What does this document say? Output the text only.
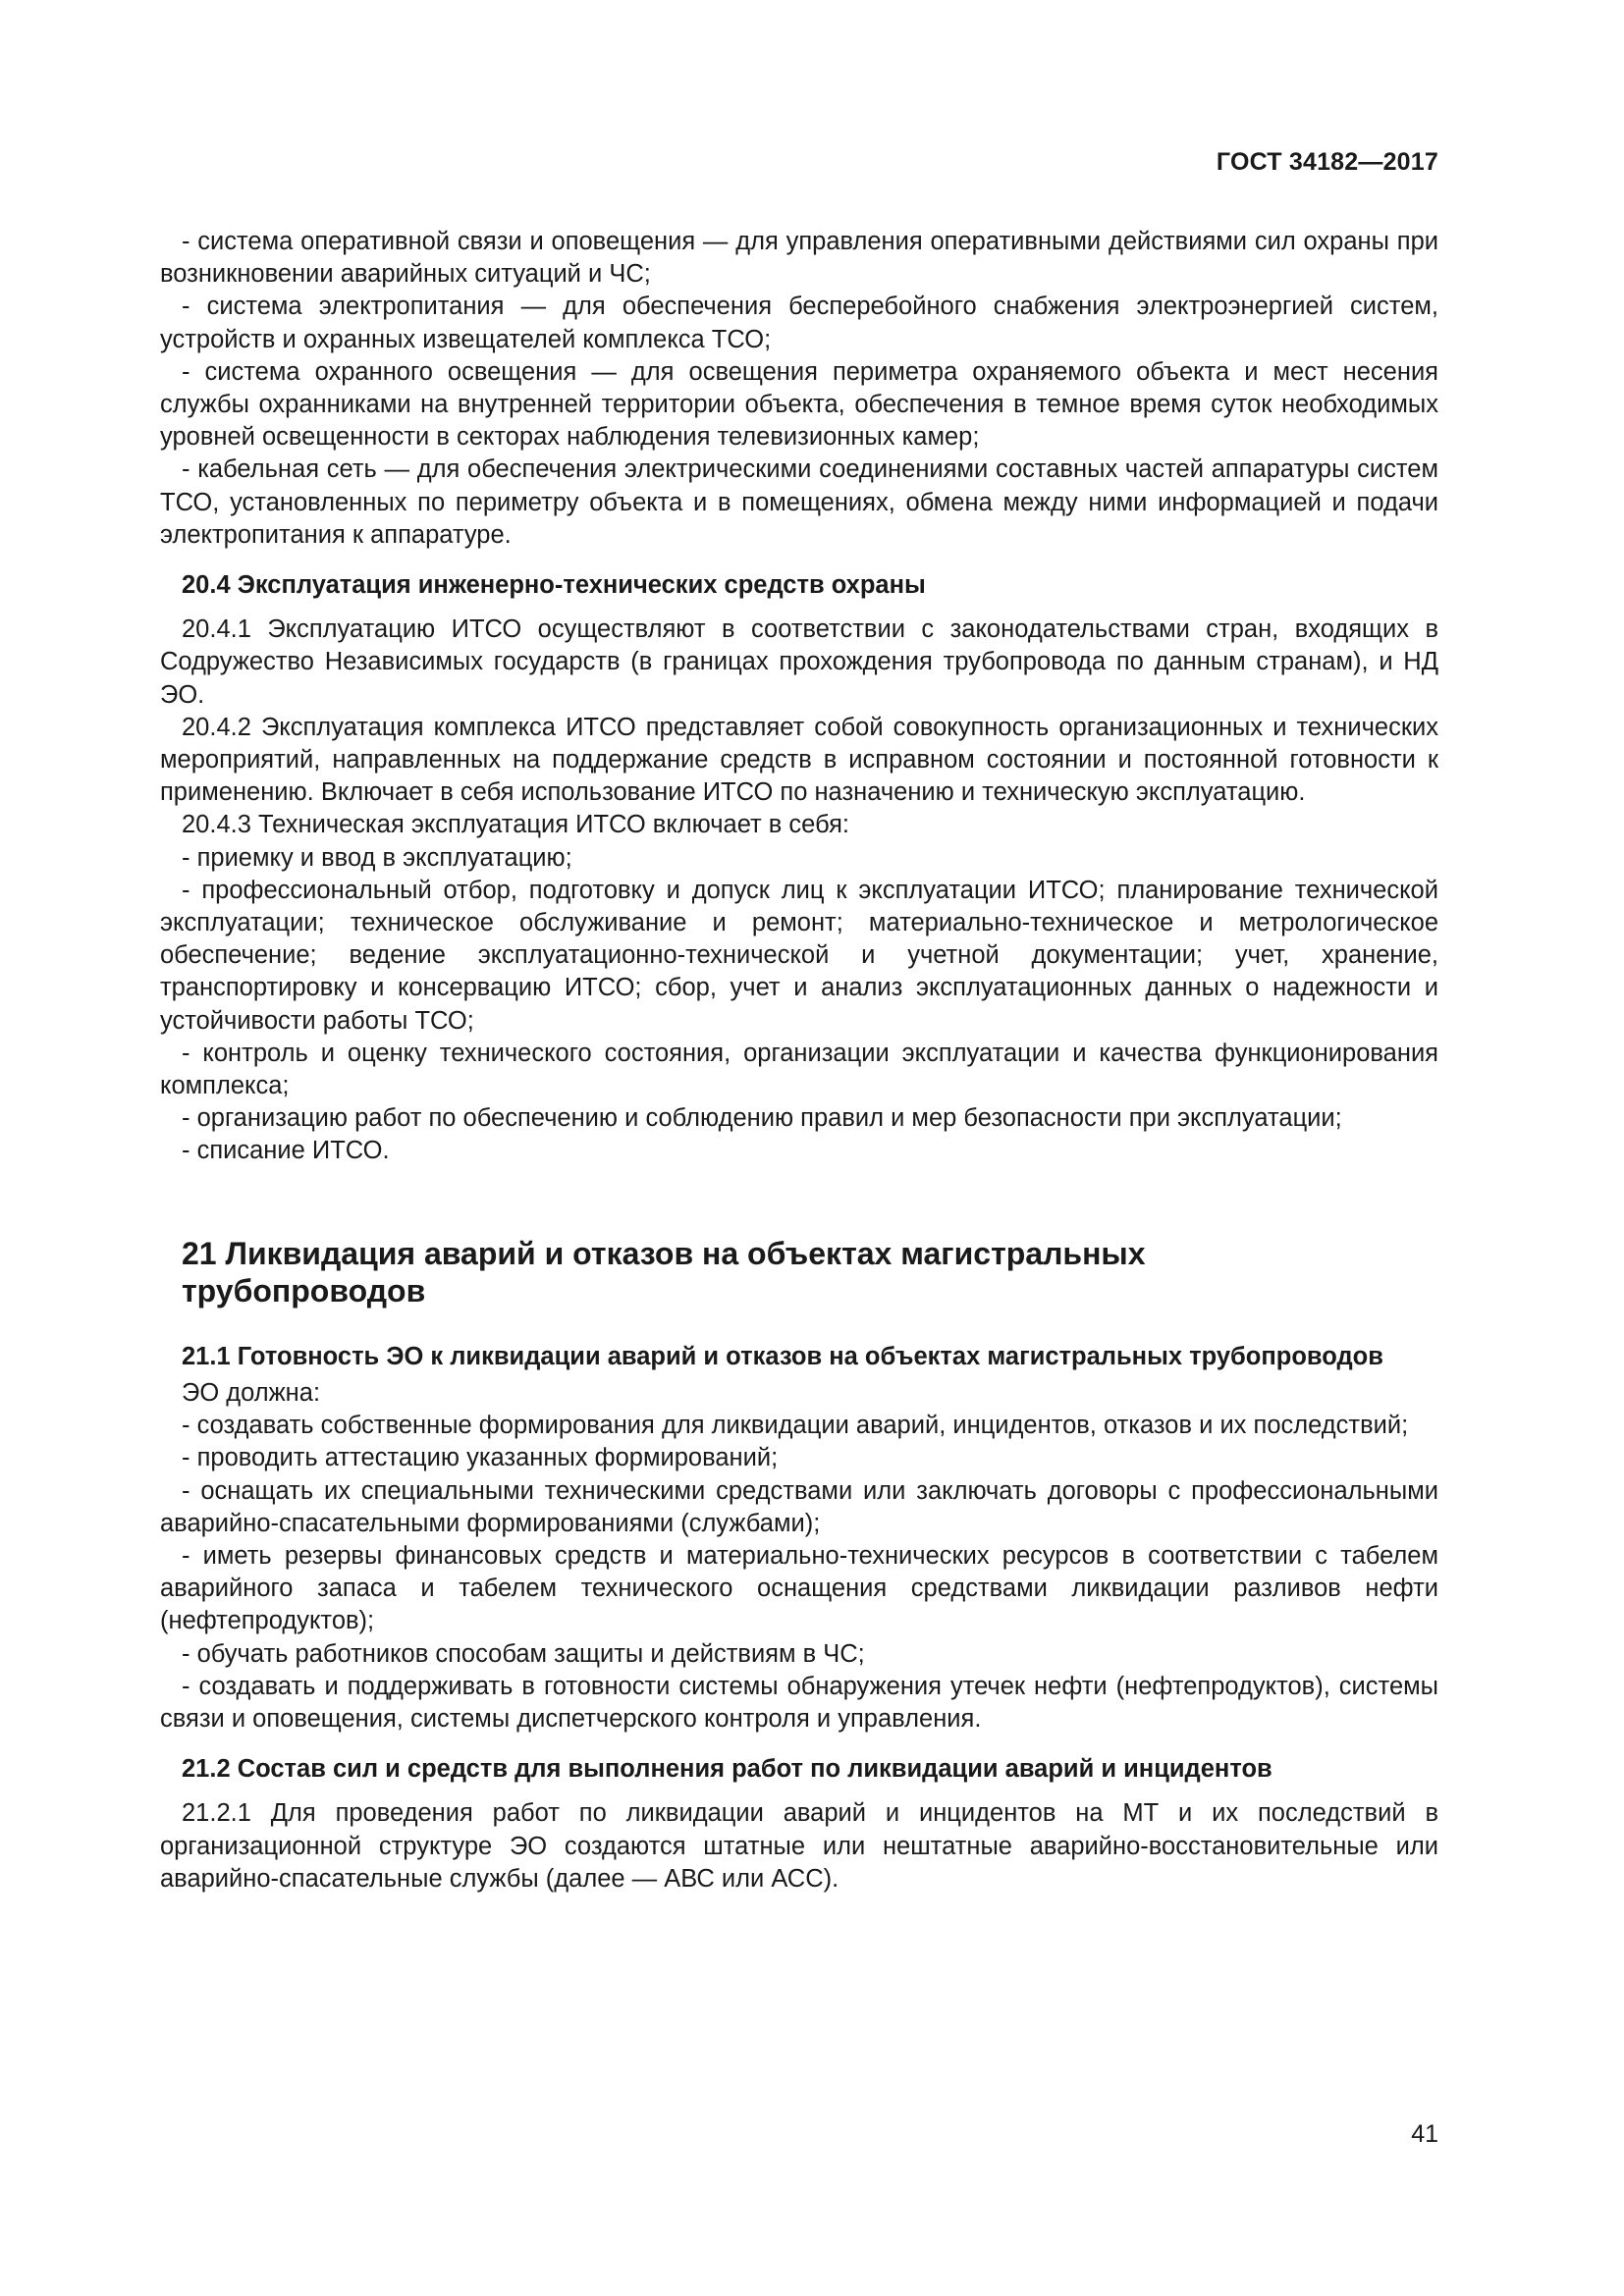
ГОСТ 34182—2017

- система оперативной связи и оповещения — для управления оперативными действиями сил охраны при возникновении аварийных ситуаций и ЧС;

- система электропитания — для обеспечения бесперебойного снабжения электроэнергией систем, устройств и охранных извещателей комплекса ТСО;

- система охранного освещения — для освещения периметра охраняемого объекта и мест несения службы охранниками на внутренней территории объекта, обеспечения в темное время суток необходимых уровней освещенности в секторах наблюдения телевизионных камер;

- кабельная сеть — для обеспечения электрическими соединениями составных частей аппаратуры систем ТСО, установленных по периметру объекта и в помещениях, обмена между ними информацией и подачи электропитания к аппаратуре.

20.4 Эксплуатация инженерно-технических средств охраны

20.4.1 Эксплуатацию ИТСО осуществляют в соответствии с законодательствами стран, входящих в Содружество Независимых государств (в границах прохождения трубопровода по данным странам), и НД ЭО.

20.4.2 Эксплуатация комплекса ИТСО представляет собой совокупность организационных и технических мероприятий, направленных на поддержание средств в исправном состоянии и постоянной готовности к применению. Включает в себя использование ИТСО по назначению и техническую эксплуатацию.

20.4.3 Техническая эксплуатация ИТСО включает в себя:

- приемку и ввод в эксплуатацию;

- профессиональный отбор, подготовку и допуск лиц к эксплуатации ИТСО; планирование технической эксплуатации; техническое обслуживание и ремонт; материально-техническое и метрологическое обеспечение; ведение эксплуатационно-технической и учетной документации; учет, хранение, транспортировку и консервацию ИТСО; сбор, учет и анализ эксплуатационных данных о надежности и устойчивости работы ТСО;

- контроль и оценку технического состояния, организации эксплуатации и качества функционирования комплекса;

- организацию работ по обеспечению и соблюдению правил и мер безопасности при эксплуатации;

- списание ИТСО.

21 Ликвидация аварий и отказов на объектах магистральных трубопроводов

21.1 Готовность ЭО к ликвидации аварий и отказов на объектах магистральных трубопроводов

ЭО должна:

- создавать собственные формирования для ликвидации аварий, инцидентов, отказов и их последствий;

- проводить аттестацию указанных формирований;

- оснащать их специальными техническими средствами или заключать договоры с профессиональными аварийно-спасательными формированиями (службами);

- иметь резервы финансовых средств и материально-технических ресурсов в соответствии с табелем аварийного запаса и табелем технического оснащения средствами ликвидации разливов нефти (нефтепродуктов);

- обучать работников способам защиты и действиям в ЧС;

- создавать и поддерживать в готовности системы обнаружения утечек нефти (нефтепродуктов), системы связи и оповещения, системы диспетчерского контроля и управления.

21.2 Состав сил и средств для выполнения работ по ликвидации аварий и инцидентов

21.2.1 Для проведения работ по ликвидации аварий и инцидентов на МТ и их последствий в организационной структуре ЭО создаются штатные или нештатные аварийно-восстановительные или аварийно-спасательные службы (далее — АВС или АСС).

41
